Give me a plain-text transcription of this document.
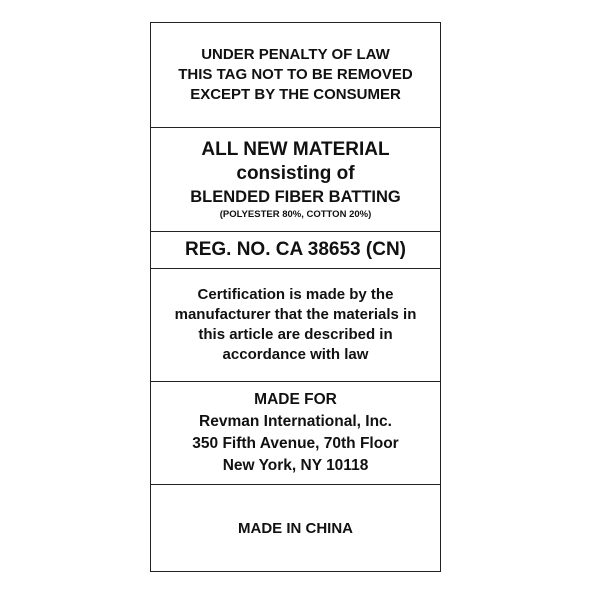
UNDER PENALTY OF LAW
THIS TAG NOT TO BE REMOVED
EXCEPT BY THE CONSUMER
ALL NEW MATERIAL
consisting of
BLENDED FIBER BATTING
(POLYESTER 80%, COTTON 20%)
REG. NO. CA 38653 (CN)
Certification is made by the
manufacturer that the materials in
this article are described in
accordance with law
MADE FOR
Revman International, Inc.
350 Fifth Avenue, 70th Floor
New York, NY 10118
MADE IN CHINA
